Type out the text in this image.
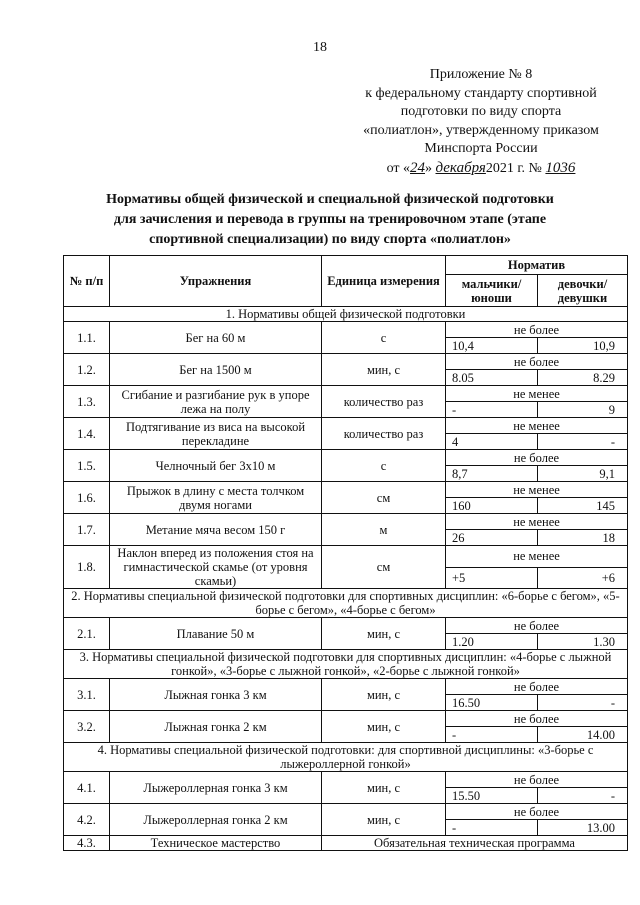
18
Приложение № 8
к федеральному стандарту спортивной
подготовки по виду спорта
«полиатлон», утвержденному приказом
Минспорта России
от «24» декабря2021 г. № 1036
Нормативы общей физической и специальной физической подготовки
для зачисления и перевода в группы на тренировочном этапе (этапе
спортивной специализации) по виду спорта «полиатлон»
№ п/п	Упражнения	Единица измерения	Норматив	
			мальчики/ юноши	девочки/ девушки
1. Нормативы общей физической подготовки				
1.1.	Бег на 60 м	с	не более	
			10,4	10,9
1.2.	Бег на 1500 м	мин, с	не более	
			8.05	8.29
1.3.	Сгибание и разгибание рук в упоре лежа на полу	количество раз	не менее	
			-	9
1.4.	Подтягивание из виса на высокой перекладине	количество раз	не менее	
			4	-
1.5.	Челночный бег 3х10 м	с	не более	
			8,7	9,1
1.6.	Прыжок в длину с места толчком двумя ногами	см	не менее	
			160	145
1.7.	Метание мяча весом 150 г	м	не менее	
			26	18
1.8.	Наклон вперед из положения стоя на гимнастической скамье (от уровня скамьи)	см	не менее	
			+5	+6
2. Нормативы специальной физической подготовки для спортивных дисциплин: «6-борье с бегом», «5-борье с бегом», «4-борье с бегом»				
2.1.	Плавание 50 м	мин, с	не более	
			1.20	1.30
3. Нормативы специальной физической подготовки для спортивных дисциплин: «4-борье с лыжной гонкой», «3-борье с лыжной гонкой», «2-борье с лыжной гонкой»				
3.1.	Лыжная гонка 3 км	мин, с	не более	
			16.50	-
3.2.	Лыжная гонка 2 км	мин, с	не более	
			-	14.00
4. Нормативы специальной физической подготовки: для спортивной дисциплины: «3-борье с лыжероллерной гонкой»				
4.1.	Лыжероллерная гонка 3 км	мин, с	не более	
			15.50	-
4.2.	Лыжероллерная гонка 2 км	мин, с	не более	
			-	13.00
4.3.	Техническое мастерство	Обязательная техническая программа		
